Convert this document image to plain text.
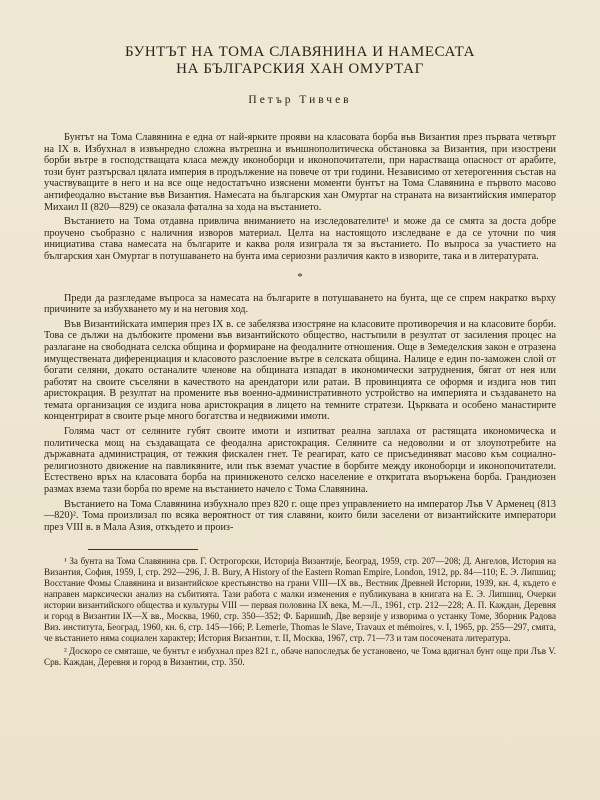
БУНТЪТ НА ТОМА СЛАВЯНИНА И НАМЕСАТА
НА БЪЛГАРСКИЯ ХАН ОМУРТАГ
Петър Тивчев

Бунтът на Тома Славянина е една от най-ярките прояви на класовата борба във Византия през първата четвърт на IX в. Избухнал в извънредно сложна вътрешна и външнополитическа обстановка за Византия, при изострени борби вътре в господстващата класа между иконоборци и иконопочитатели, при нарастваща опасност от арабите, този бунт разтърсвал цялата империя в продължение на повече от три години. Независимо от хетерогенния състав на участвуващите в него и на все още недостатъчно изяснени моменти бунтът на Тома Славянина е първото масово антифеодално въстание във Византия. Намесата на българския хан Омуртаг на страната на византийския император Михаил II (820—829) се оказала фатална за хода на въстанието.

Въстанието на Тома отдавна привлича вниманието на изследователите¹ и може да се смята за доста добре проучено съобразно с наличния изворов материал. Целта на настоящото изследване е да се уточни по чия инициатива става намесата на българите и каква роля изиграла тя за въстанието. По въпроса за участието на българския хан Омуртаг в потушаването на бунта има сериозни различия както в изворите, така и в литературата.

*

Преди да разгледаме въпроса за намесата на българите в потушаването на бунта, ще се спрем накратко върху причините за избухването му и на неговия ход.

Във Византийската империя през IX в. се забелязва изостряне на класовите противоречия и на класовите борби. Това се дължи на дълбоките промени във византийското общество, настъпили в резултат от засиления процес на разлагане на свободната селска община и формиране на феодалните отношения. Още в Земеделския закон е отразена имуществената диференциация и класовото разслоение вътре в селската община. Налице е един по-заможен слой от богати селяни, докато останалите членове на общината изпадат в икономически затруднения, бягат от нея или работят на своите съселяни в качеството на арендатори или ратаи. В провинцията се оформя и издига нов тип аристокрация. В резултат на промените във военно-административното устройство на империята и създаването на темата организация се издига нова аристокрация в лицето на темните стратези. Църквата и особено манастирите концентрират в своите ръце много богатства и недвижими имоти.

Голяма част от селяните губят своите имоти и изпитват реална заплаха от растящата икономическа и политическа мощ на създаващата се феодална аристокрация. Селяните са недоволни и от злоупотребите на държавната администрация, от тежкия фискален гнет. Те реагират, като се присъединяват масово към социално-религиозното движение на павликяните, или пък вземат участие в борбите между иконоборци и иконопочитатели. Естествено връх на класовата борба на приниженото селско население е откритата въоръжена борба. Грандиозен размах взема тази борба по време на въстанието начело с Тома Славянина.

Въстанието на Тома Славянина избухнало през 820 г. още през управлението на император Лъв V Арменец (813—820)². Тома произлизал по всяка вероятност от тия славяни, които били заселени от византийските императори през VIII в. в Мала Азия, откъдето и произ-

¹ За бунта на Тома Славянина срв. Г. Острогорски, Историја Византије, Београд, 1959, стр. 207—208; Д. Ангелов, История на Византия, София, 1959, I, стр. 292—296, J. B. Bury, A History of the Eastern Roman Empire, London, 1912, pp. 84—110; Е. Э. Липшиц; Восстание Фомы Славянина и византийское крестьянство на грани VIII—IX вв., Вестник Древней Истории, 1939, кн. 4, където е направен марксически анализ на събитията. Тази работа с малки изменения е публикувана в книгата на Е. Э. Липшиц, Очерки истории византийского общества и культуры VIII — первая половина IX века, М.—Л., 1961, стр. 212—228; А. П. Каждан, Деревня и город в Византии IX—X вв., Москва, 1960, стр. 350—352; Ф. Баришић, Две верзије у изворима о устанку Томе, Зборник Радова Виз. института, Београд, 1960, кн. 6, стр. 145—166; P. Lemerle, Thomas le Slave, Travaux et mémoires, v. I, 1965, pp. 255—297, смята, че въстанието няма социален характер; История Византии, т. II, Москва, 1967, стр. 71—73 и там посочената литература.

² Доскоро се смяташе, че бунтът е избухнал през 821 г., обаче напоследък бе установено, че Тома вдигнал бунт още при Лъв V. Срв. Каждан, Деревня и город в Византии, стр. 350.
